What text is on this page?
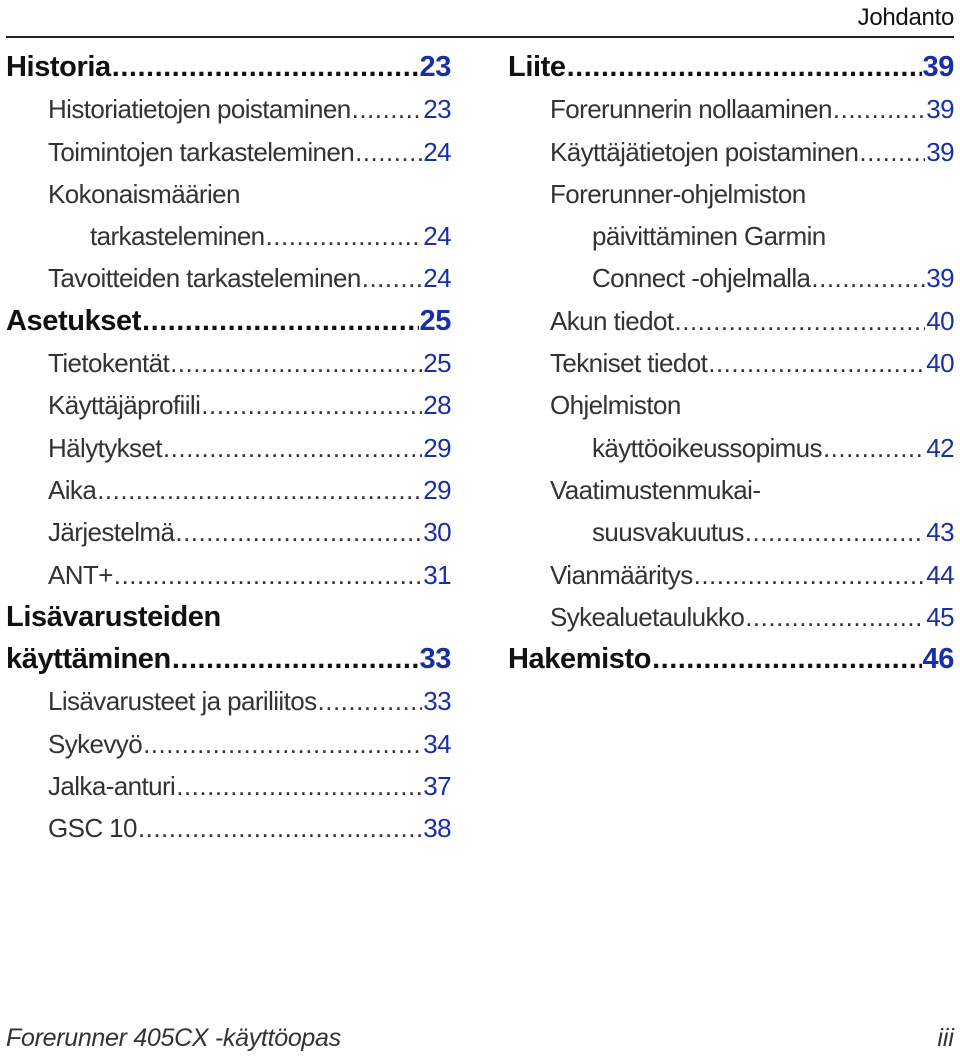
Johdanto
Historia .....	23
Historiatietojen poistaminen .....	23
Toimintojen tarkasteleminen .....	24
Kokonaismäärien
tarkasteleminen .....	24
Tavoitteiden tarkasteleminen ..... 24
Asetukset .....	25
Tietokentät .....	25
Käyttäjäprofiili .....	28
Hälytykset .....	29
Aika .....	29
Järjestelmä .....	30
ANT+ .....	31
Lisävarusteiden
käyttäminen .....	33
Lisävarusteet ja pariliitos .....	33
Sykevyö .....	34
Jalka-anturi .....	37
GSC 10 .....	38
Liite .....	39
Forerunnerin nollaaminen .....	39
Käyttäjätietojen poistaminen .....	39
Forerunner-ohjelmiston
päivittäminen Garmin
Connect -ohjelmalla .....	39
Akun tiedot .....	40
Tekniset tiedot .....	40
Ohjelmiston
käyttöoikeussopimus .....	42
Vaatimustenmukai-
suusvakuutus .....	43
Vianmääritys .....	44
Sykealuetaulukko .....	45
Hakemisto .....	46
Forerunner 405CX -käyttöopas	iii
